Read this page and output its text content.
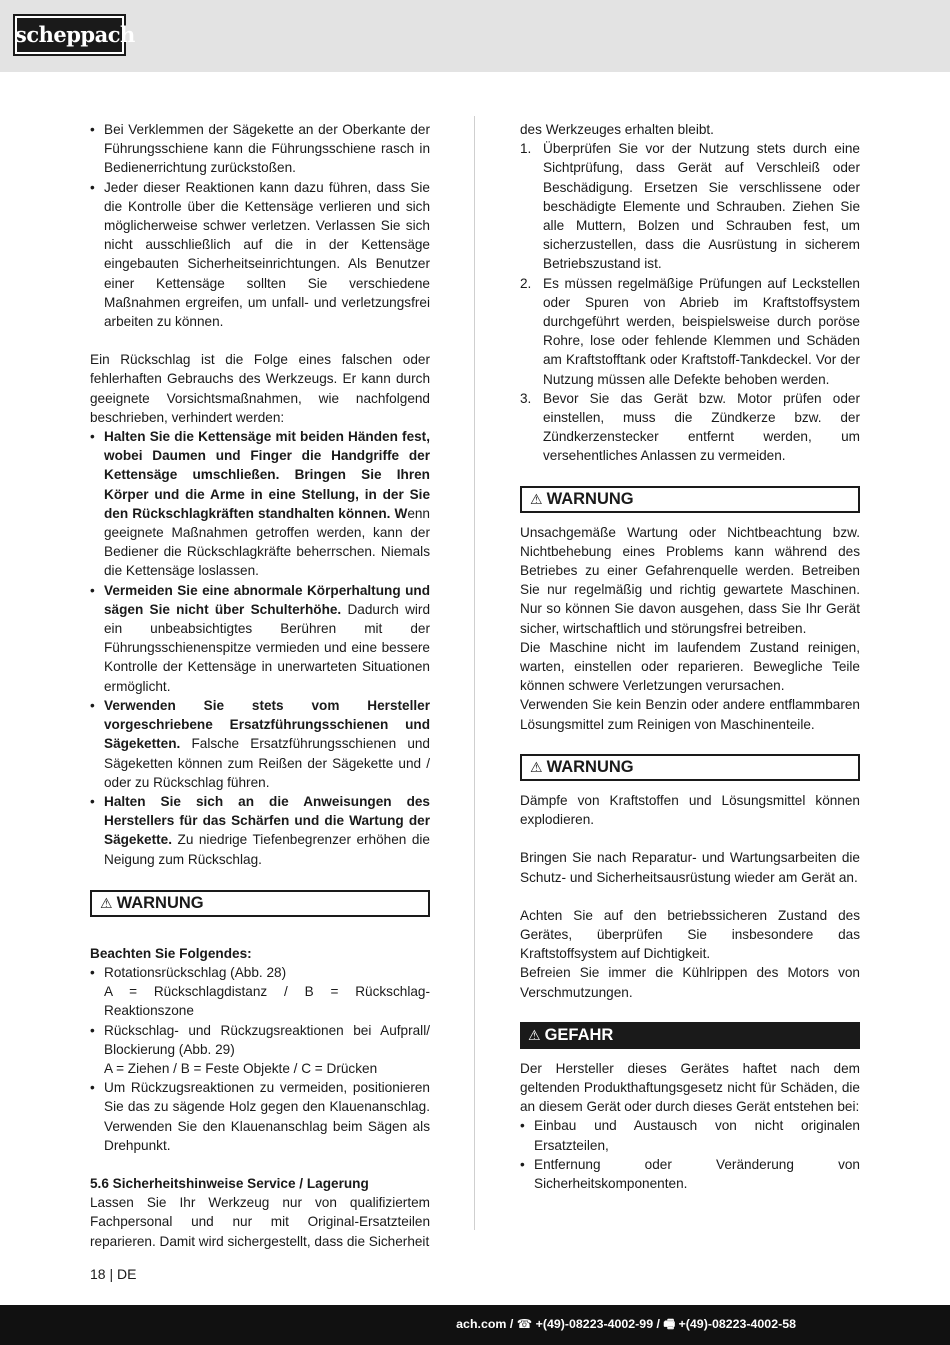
scheppach
• Bei Verklemmen der Sägekette an der Oberkante der Führungsschiene kann die Führungsschiene rasch in Bedienerrichtung zurückstoßen.
• Jeder dieser Reaktionen kann dazu führen, dass Sie die Kontrolle über die Kettensäge verlieren und sich möglicherweise schwer verletzen. Verlassen Sie sich nicht ausschließlich auf die in der Kettensäge eingebauten Sicherheitseinrichtungen. Als Benutzer einer Kettensäge sollten Sie verschiedene Maßnahmen ergreifen, um unfall- und verletzungsfrei arbeiten zu können.

Ein Rückschlag ist die Folge eines falschen oder fehlerhaften Gebrauchs des Werkzeugs. Er kann durch geeignete Vorsichtsmaßnahmen, wie nachfolgend beschrieben, verhindert werden:

• Halten Sie die Kettensäge mit beiden Händen fest, wobei Daumen und Finger die Handgriffe der Kettensäge umschließen. Bringen Sie Ihren Körper und die Arme in eine Stellung, in der Sie den Rückschlagkräften standhalten können. Wenn geeignete Maßnahmen getroffen werden, kann der Bediener die Rückschlagkräfte beherrschen. Niemals die Kettensäge loslassen.
• Vermeiden Sie eine abnormale Körperhaltung und sägen Sie nicht über Schulterhöhe. Dadurch wird ein unbeabsichtigtes Berühren mit der Führungsschienenspitze vermieden und eine bessere Kontrolle der Kettensäge in unerwarteten Situationen ermöglicht.
• Verwenden Sie stets vom Hersteller vorgeschriebene Ersatzführungsschienen und Sägeketten. Falsche Ersatzführungsschienen und Sägeketten können zum Reißen der Sägekette und / oder zu Rückschlag führen.
• Halten Sie sich an die Anweisungen des Herstellers für das Schärfen und die Wartung der Sägekette. Zu niedrige Tiefenbegrenzer erhöhen die Neigung zum Rückschlag.
⚠ WARNUNG

Beachten Sie Folgendes:

• Rotationsrückschlag (Abb. 28)
A = Rückschlagdistanz / B = Rückschlag-Reaktionszone
• Rückschlag- und Rückzugsreaktionen bei Aufprall/ Blockierung (Abb. 29)
A = Ziehen / B = Feste Objekte / C = Drücken
• Um Rückzugsreaktionen zu vermeiden, positionieren Sie das zu sägende Holz gegen den Klauenanschlag. Verwenden Sie den Klauenanschlag beim Sägen als Drehpunkt.

5.6 Sicherheitshinweise Service / Lagerung

Lassen Sie Ihr Werkzeug nur von qualifiziertem Fachpersonal und nur mit Original-Ersatzteilen reparieren. Damit wird sichergestellt, dass die Sicherheit

des Werkzeuges erhalten bleibt.

1. Überprüfen Sie vor der Nutzung stets durch eine Sichtprüfung, dass Gerät auf Verschleiß oder Beschädigung. Ersetzen Sie verschlissene oder beschädigte Elemente und Schrauben. Ziehen Sie alle Muttern, Bolzen und Schrauben fest, um sicherzustellen, dass die Ausrüstung in sicherem Betriebszustand ist.
2. Es müssen regelmäßige Prüfungen auf Leckstellen oder Spuren von Abrieb im Kraftstoffsystem durchgeführt werden, beispielsweise durch poröse Rohre, lose oder fehlende Klemmen und Schäden am Kraftstofftank oder Kraftstoff-Tankdeckel. Vor der Nutzung müssen alle Defekte behoben werden.
3. Bevor Sie das Gerät bzw. Motor prüfen oder einstellen, muss die Zündkerze bzw. der Zündkerzenstecker entfernt werden, um versehentliches Anlassen zu vermeiden.
⚠ WARNUNG

Unsachgemäße Wartung oder Nichtbeachtung bzw. Nichtbehebung eines Problems kann während des Betriebes zu einer Gefahrenquelle werden. Betreiben Sie nur regelmäßig und richtig gewartete Maschinen. Nur so können Sie davon ausgehen, dass Sie Ihr Gerät sicher, wirtschaftlich und störungsfrei betreiben.

Die Maschine nicht im laufendem Zustand reinigen, warten, einstellen oder reparieren. Bewegliche Teile können schwere Verletzungen verursachen.

Verwenden Sie kein Benzin oder andere entflammbaren Lösungsmittel zum Reinigen von Maschinenteile.

⚠ WARNUNG

Dämpfe von Kraftstoffen und Lösungsmittel können explodieren.

Bringen Sie nach Reparatur- und Wartungsarbeiten die Schutz- und Sicherheitsausrüstung wieder am Gerät an.

Achten Sie auf den betriebssicheren Zustand des Gerätes, überprüfen Sie insbesondere das Kraftstoffsystem auf Dichtigkeit.

Befreien Sie immer die Kühlrippen des Motors von Verschmutzungen.

⚠ GEFAHR

Der Hersteller dieses Gerätes haftet nach dem geltenden Produkthaftungsgesetz nicht für Schäden, die an diesem Gerät oder durch dieses Gerät entstehen bei:

• Einbau und Austausch von nicht originalen Ersatzteilen,
• Entfernung oder Veränderung von Sicherheitskomponenten.
18 | DE
ach.com / ☎ +(49)-08223-4002-99 / 🖷 +(49)-08223-4002-58
